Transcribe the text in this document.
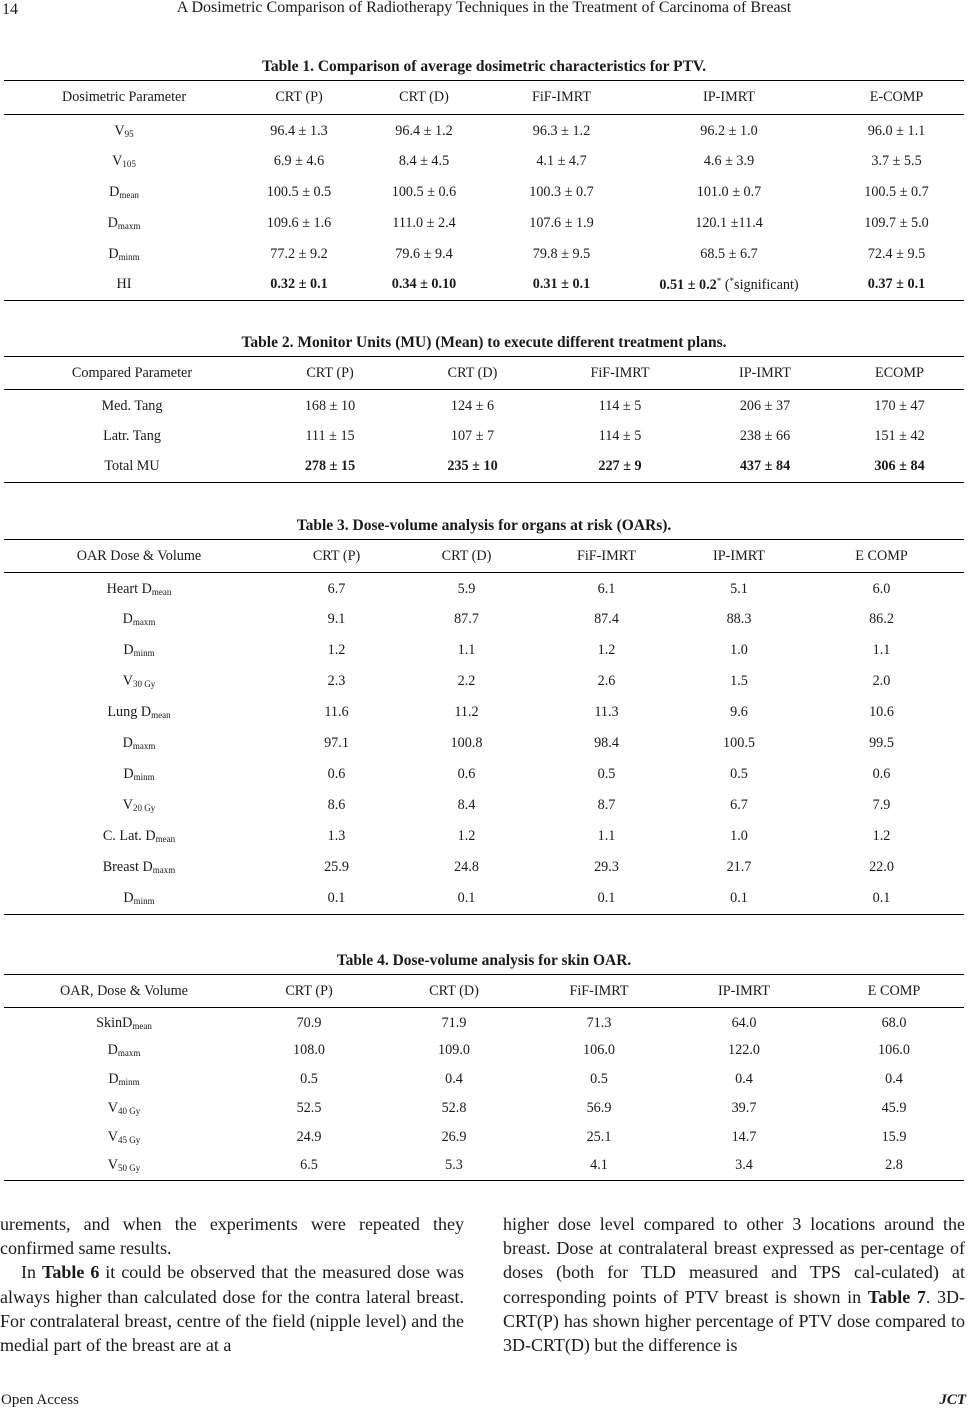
14	A Dosimetric Comparison of Radiotherapy Techniques in the Treatment of Carcinoma of Breast
Table 1. Comparison of average dosimetric characteristics for PTV.
Dosimetric Parameter	CRT (P)	CRT (D)	FiF-IMRT	IP-IMRT	E-COMP
$V_{95}$	96.4 ± 1.3	96.4 ± 1.2	96.3 ± 1.2	96.2 ± 1.0	96.0 ± 1.1
$V_{105}$	6.9 ± 4.6	8.4 ± 4.5	4.1 ± 4.7	4.6 ± 3.9	3.7 ± 5.5
$D_{mean}$	100.5 ± 0.5	100.5 ± 0.6	100.3 ± 0.7	101.0 ± 0.7	100.5 ± 0.7
$D_{maxm}$	109.6 ± 1.6	111.0 ± 2.4	107.6 ± 1.9	120.1 ±11.4	109.7 ± 5.0
$D_{minm}$	77.2 ± 9.2	79.6 ± 9.4	79.8 ± 9.5	68.5 ± 6.7	72.4 ± 9.5
HI	0.32 ± 0.1	0.34 ± 0.10	0.31 ± 0.1	0.51 ± 0.2* (*significant)	0.37 ± 0.1
Table 2. Monitor Units (MU) (Mean) to execute different treatment plans.
Compared Parameter	CRT (P)	CRT (D)	FiF-IMRT	IP-IMRT	ECOMP
Med. Tang	168 ± 10	124 ± 6	114 ± 5	206 ± 37	170 ± 47
Latr. Tang	111 ± 15	107 ± 7	114 ± 5	238 ± 66	151 ± 42
Total MU	278 ± 15	235 ± 10	227 ± 9	437 ± 84	306 ± 84
Table 3. Dose-volume analysis for organs at risk (OARs).
OAR Dose & Volume	CRT (P)	CRT (D)	FiF-IMRT	IP-IMRT	E COMP
Heart $D_{mean}$	6.7	5.9	6.1	5.1	6.0
$D_{maxm}$	9.1	87.7	87.4	88.3	86.2
$D_{minm}$	1.2	1.1	1.2	1.0	1.1
$V_{30 Gy}$	2.3	2.2	2.6	1.5	2.0
Lung $D_{mean}$	11.6	11.2	11.3	9.6	10.6
$D_{maxm}$	97.1	100.8	98.4	100.5	99.5
$D_{minm}$	0.6	0.6	0.5	0.5	0.6
$V_{20 Gy}$	8.6	8.4	8.7	6.7	7.9
C. Lat. $D_{mean}$	1.3	1.2	1.1	1.0	1.2
Breast $D_{maxm}$	25.9	24.8	29.3	21.7	22.0
$D_{minm}$	0.1	0.1	0.1	0.1	0.1
Table 4. Dose-volume analysis for skin OAR.
OAR, Dose & Volume	CRT (P)	CRT (D)	FiF-IMRT	IP-IMRT	E COMP
SkinD$_{mean}$	70.9	71.9	71.3	64.0	68.0
$D_{maxm}$	108.0	109.0	106.0	122.0	106.0
$D_{minm}$	0.5	0.4	0.5	0.4	0.4
$V_{40 Gy}$	52.5	52.8	56.9	39.7	45.9
$V_{45 Gy}$	24.9	26.9	25.1	14.7	15.9
$V_{50 Gy}$	6.5	5.3	4.1	3.4	2.8

urements, and when the experiments were repeated they confirmed same results.

In Table 6 it could be observed that the measured dose was always higher than calculated dose for the contra lateral breast. For contralateral breast, centre of the field (nipple level) and the medial part of the breast are at a

higher dose level compared to other 3 locations around the breast. Dose at contralateral breast expressed as per-centage of doses (both for TLD measured and TPS cal-culated) at corresponding points of PTV breast is shown in Table 7. 3D-CRT(P) has shown higher percentage of PTV dose compared to 3D-CRT(D) but the difference is

Open Access	JCT
